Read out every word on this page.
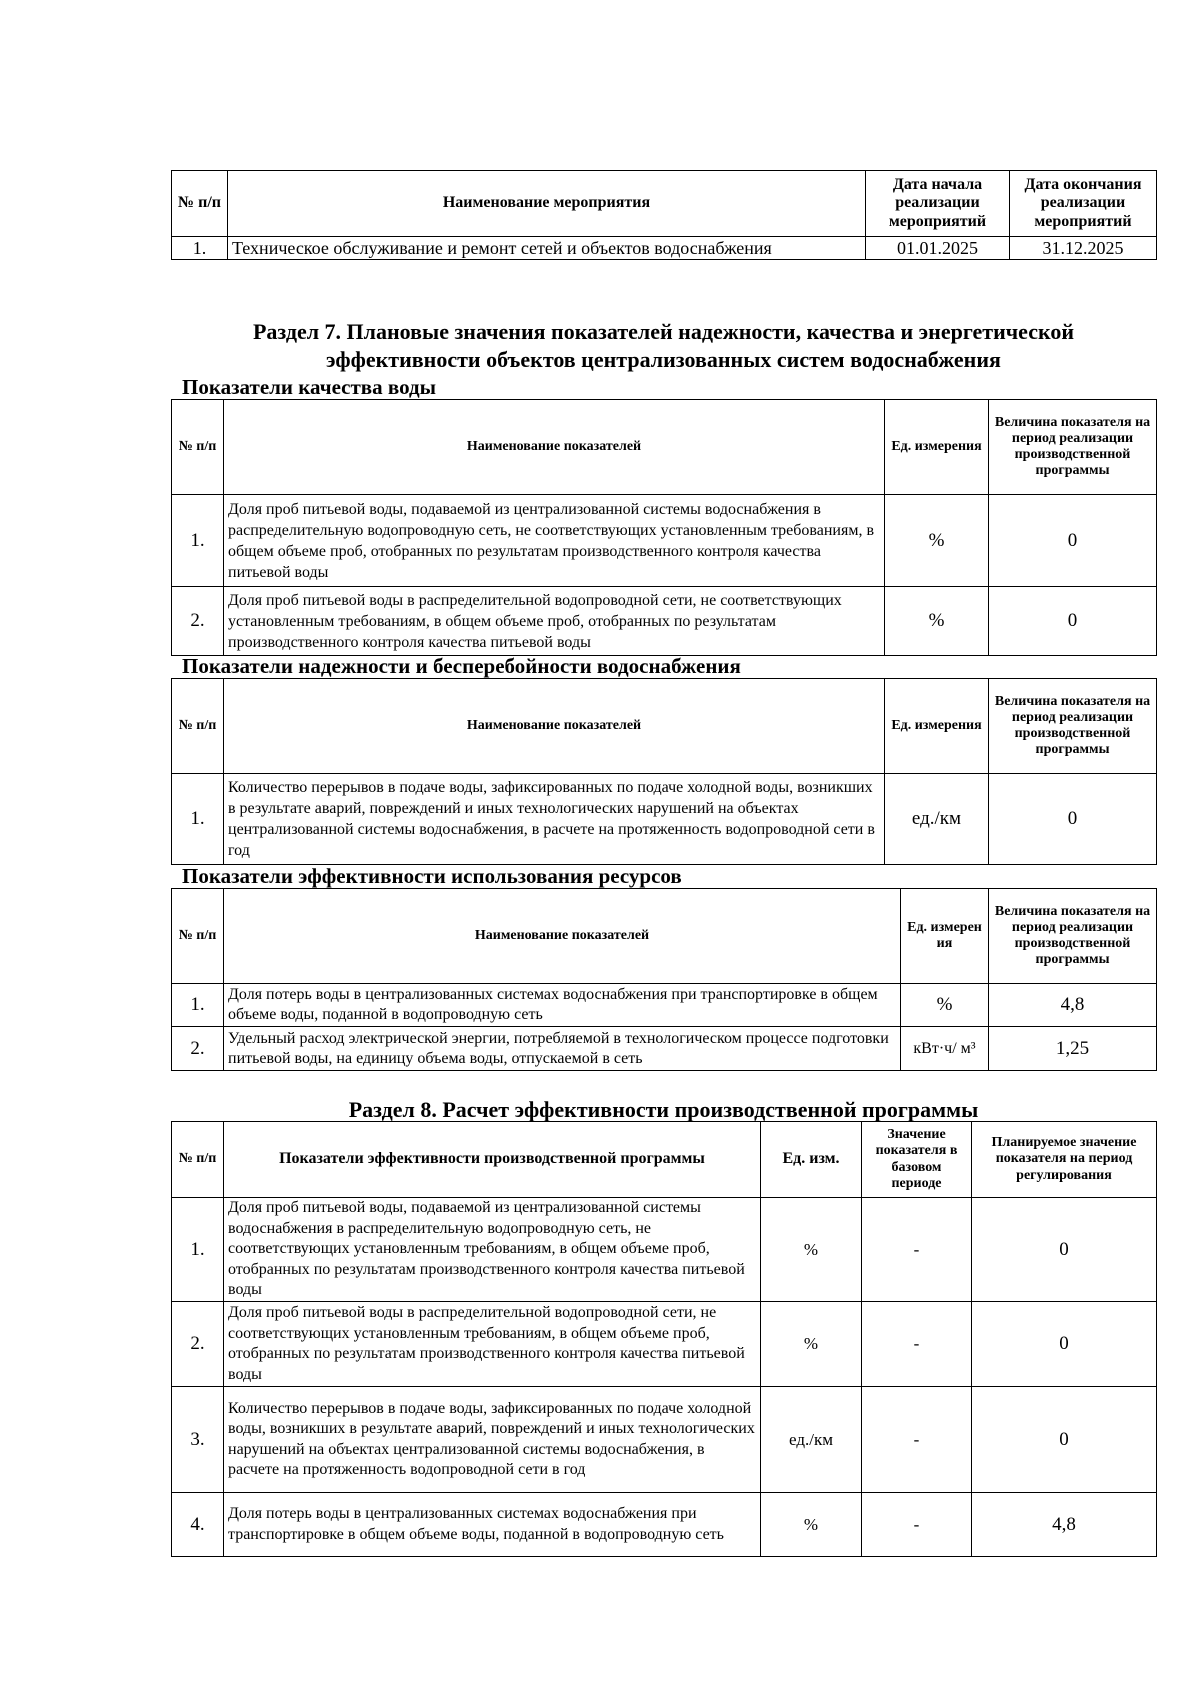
№ п/п	Наименование мероприятия	Дата начала реализации мероприятий	Дата окончания реализации мероприятий
1.	Техническое обслуживание и ремонт сетей и объектов водоснабжения	01.01.2025	31.12.2025
Раздел 7. Плановые значения показателей надежности, качества и энергетической
эффективности объектов централизованных систем водоснабжения
Показатели качества воды
№ п/п	Наименование показателей	Ед. измерения	Величина показателя на период реализации производственной программы
1.	Доля проб питьевой воды, подаваемой из централизованной системы водоснабжения в распределительную водопроводную сеть, не соответствующих установленным требованиям, в общем объеме проб, отобранных по результатам производственного контроля качества питьевой воды	%	0
2.	Доля проб питьевой воды в распределительной водопроводной сети, не соответствующих установленным требованиям, в общем объеме проб, отобранных по результатам производственного контроля качества питьевой воды	%	0
Показатели надежности и бесперебойности водоснабжения
№ п/п	Наименование показателей	Ед. измерения	Величина показателя на период реализации производственной программы
1.	Количество перерывов в подаче воды, зафиксированных по подаче холодной воды, возникших в результате аварий, повреждений и иных технологических нарушений на объектах централизованной системы водоснабжения, в расчете на протяженность водопроводной сети в год	ед./км	0
Показатели эффективности использования ресурсов
№ п/п	Наименование показателей	Ед. измерен ия	Величина показателя на период реализации производственной программы
1.	Доля потерь воды в централизованных системах водоснабжения при транспортировке в общем объеме воды, поданной в водопроводную сеть	%	4,8
2.	Удельный расход электрической энергии, потребляемой в технологическом процессе подготовки питьевой воды, на единицу объема воды, отпускаемой в сеть	кВт·ч/ м³	1,25
Раздел 8. Расчет эффективности производственной программы
№ п/п	Показатели эффективности производственной программы	Ед. изм.	Значение показателя в базовом периоде	Планируемое значение показателя на период регулирования
1.	Доля проб питьевой воды, подаваемой из централизованной системы водоснабжения в распределительную водопроводную сеть, не соответствующих установленным требованиям, в общем объеме проб, отобранных по результатам производственного контроля качества питьевой воды	%	-	0
2.	Доля проб питьевой воды в распределительной водопроводной сети, не соответствующих установленным требованиям, в общем объеме проб, отобранных по результатам производственного контроля качества питьевой воды	%	-	0
3.	Количество перерывов в подаче воды, зафиксированных по подаче холодной воды, возникших в результате аварий, повреждений и иных технологических нарушений на объектах централизованной системы водоснабжения, в расчете на протяженность водопроводной сети в год	ед./км	-	0
4.	Доля потерь воды в централизованных системах водоснабжения при транспортировке в общем объеме воды, поданной в водопроводную сеть	%	-	4,8
